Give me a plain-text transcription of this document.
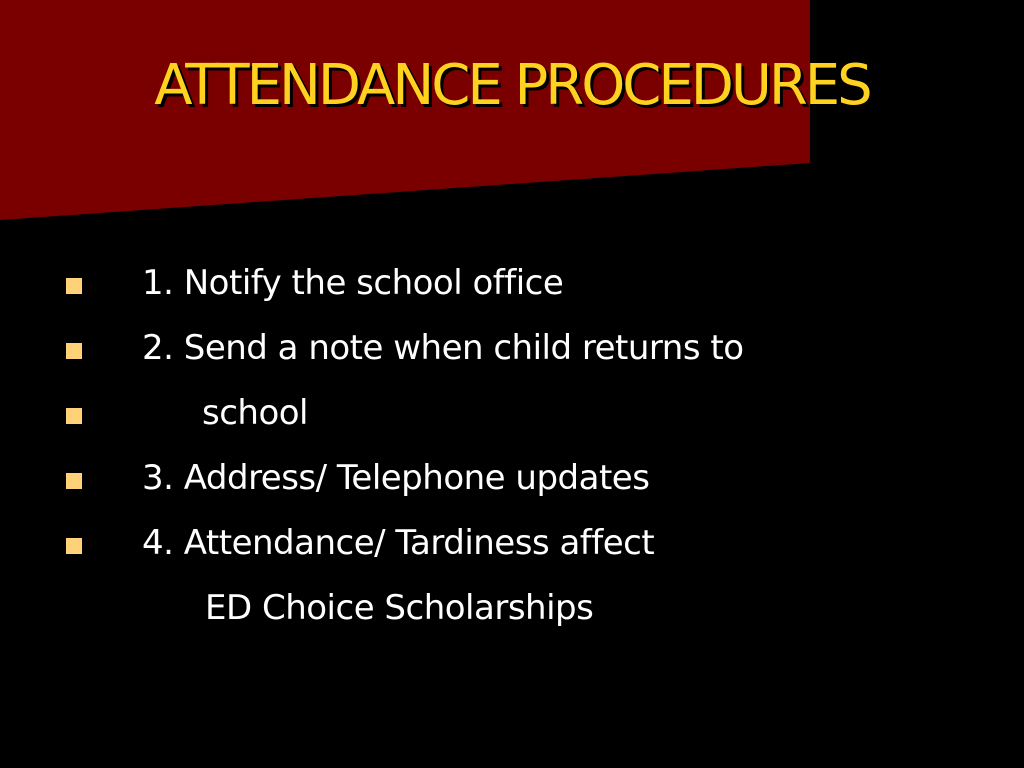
ATTENDANCE PROCEDURES
1. Notify the school office
2. Send a note when child returns to
school
3. Address/ Telephone updates
4. Attendance/ Tardiness affect
ED Choice Scholarships
